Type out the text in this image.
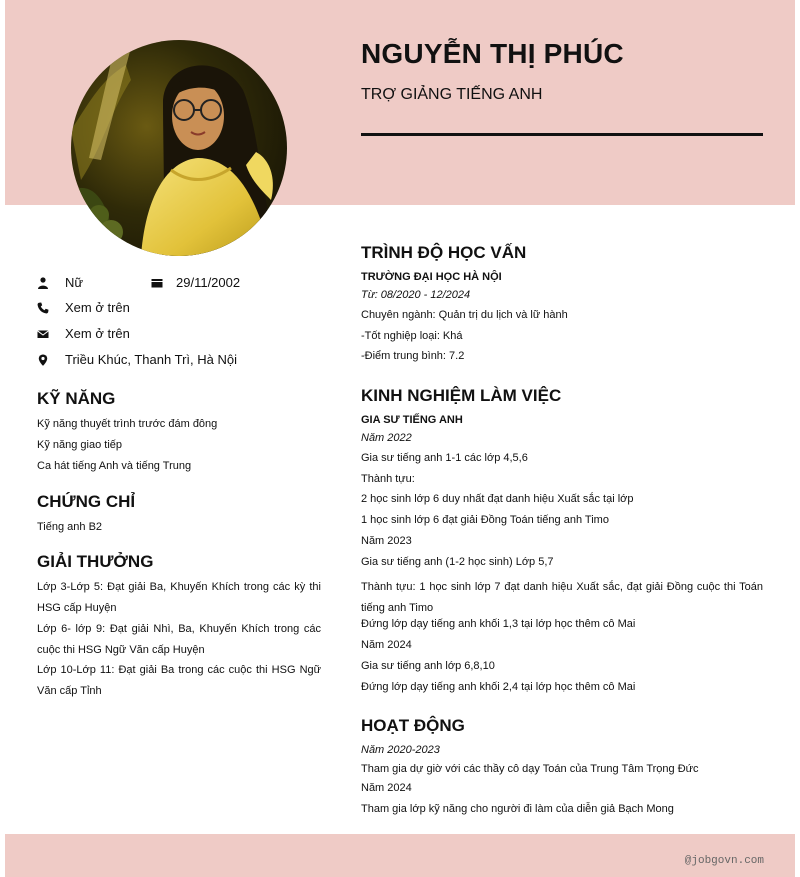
NGUYỄN THỊ PHÚC
TRỢ GIẢNG TIẾNG ANH
Nữ	29/11/2002
Xem ở trên
Xem ở trên
Triều Khúc, Thanh Trì, Hà Nội
KỸ NĂNG
Kỹ năng thuyết trình trước đám đông
Kỹ năng giao tiếp
Ca hát tiếng Anh và tiếng Trung
CHỨNG CHỈ
Tiếng anh B2
GIẢI THƯỞNG
Lớp 3-Lớp 5: Đạt giải Ba, Khuyến Khích trong các kỳ thi HSG cấp Huyện
Lớp 6- lớp 9: Đạt giải Nhì, Ba, Khuyến Khích trong các cuộc thi HSG Ngữ Văn cấp Huyện
Lớp 10-Lớp 11: Đạt giải Ba trong các cuộc thi HSG Ngữ Văn cấp Tỉnh
TRÌNH ĐỘ HỌC VẤN
TRƯỜNG ĐẠI HỌC HÀ NỘI
Từ: 08/2020 - 12/2024
Chuyên ngành: Quản trị du lịch và lữ hành
-Tốt nghiệp loại: Khá
-Điểm trung bình: 7.2
KINH NGHIỆM LÀM VIỆC
GIA SƯ TIẾNG ANH
Năm 2022
Gia sư tiếng anh 1-1 các lớp 4,5,6
Thành tựu:
2 học sinh lớp 6 duy nhất đạt danh hiệu Xuất sắc tại lớp
1 học sinh lớp 6 đạt giải Đồng Toán tiếng anh Timo
Năm 2023
Gia sư tiếng anh (1-2 học sinh) Lớp 5,7
Thành tựu: 1 học sinh lớp 7 đạt danh hiệu Xuất sắc, đạt giải Đồng cuộc thi Toán tiếng anh Timo
Đứng lớp dạy tiếng anh khối 1,3 tại lớp học thêm cô Mai
Năm 2024
Gia sư tiếng anh lớp 6,8,10
Đứng lớp dạy tiếng anh khối 2,4 tại lớp học thêm cô Mai
HOẠT ĐỘNG
Năm 2020-2023
Tham gia dự giờ với các thầy cô dạy Toán của Trung Tâm Trọng Đức
Năm 2024
Tham gia lớp kỹ năng cho người đi làm của diễn giả Bạch Mong
@jobgovn.com
